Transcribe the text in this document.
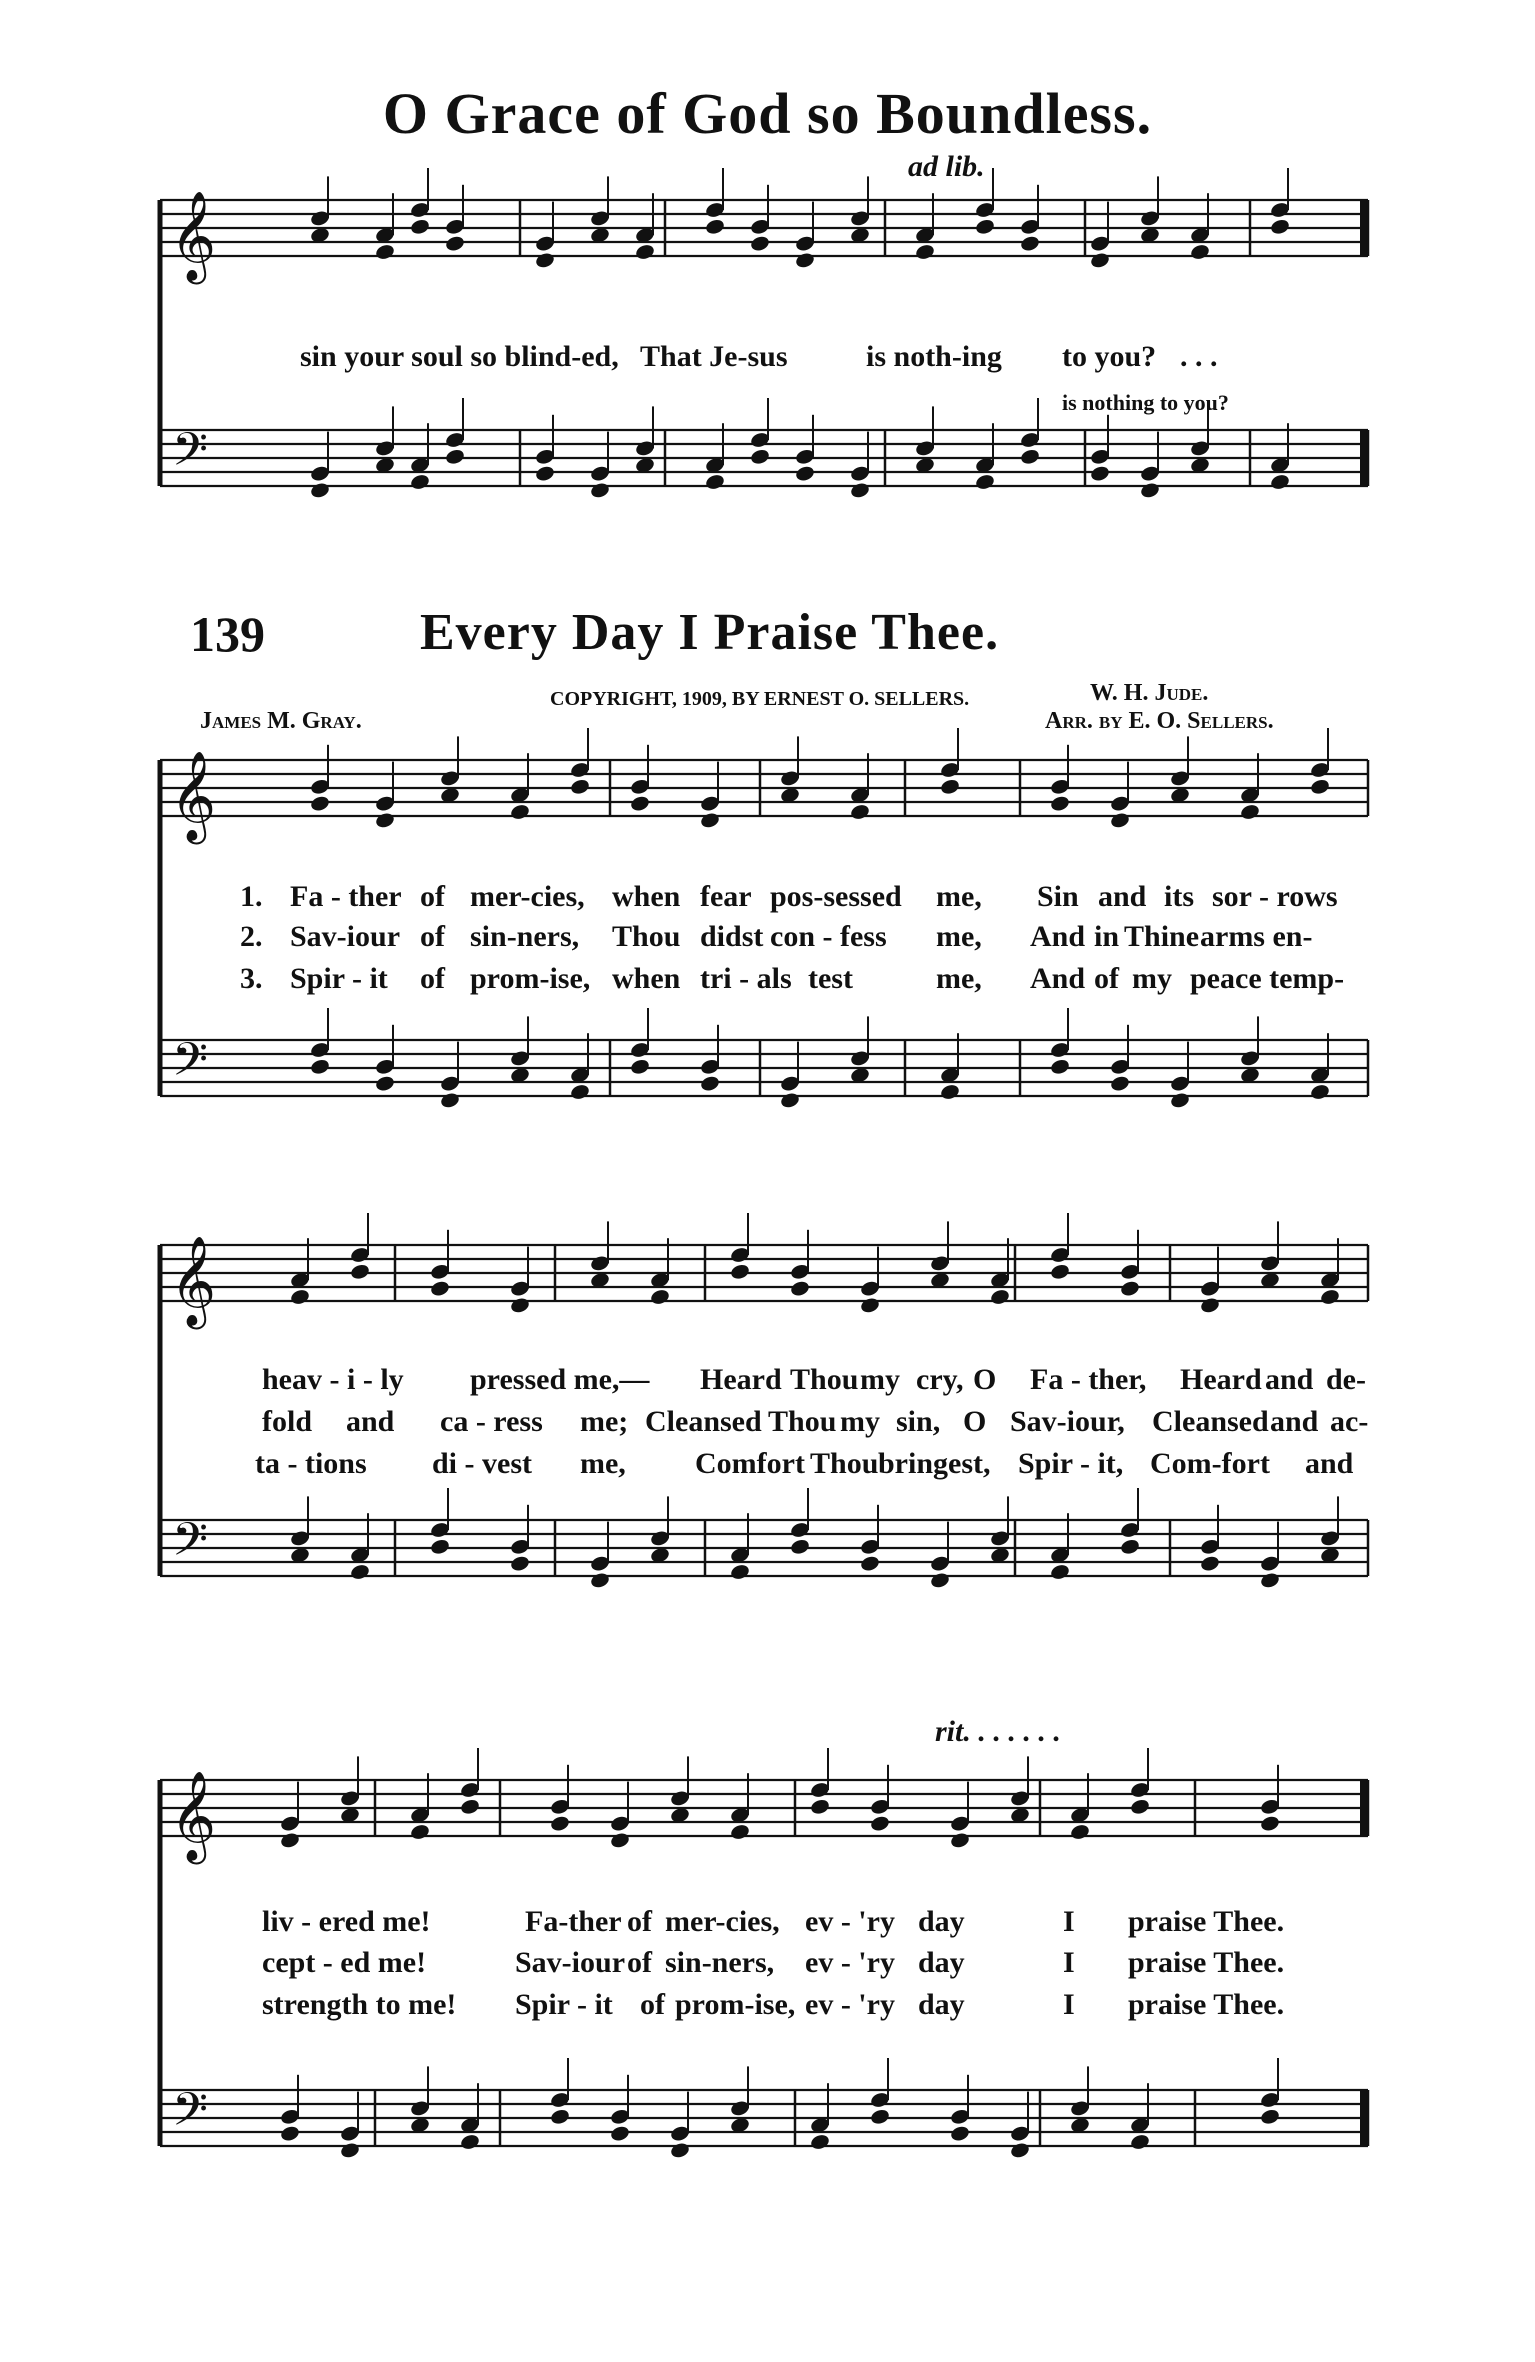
O Grace of God so Boundless.
ad lib.
139	Every Day I Praise Thee.
COPYRIGHT, 1909, BY ERNEST O. SELLERS.
James M. Gray.
W. H. Jude.
Arr. by E. O. Sellers.
rit. . . . . . .
sin your soul so blind-ed, That Je-sus	is noth-ing to you? . . .
is nothing to you?
1. Fa - ther of mer-cies, when fear pos-sessed me, Sin and its sor - rows
2. Sav-iour of sin-ners, Thou didst con - fess me, And in Thine arms en-
3. Spir - it of prom-ise, when tri - als test	me, And of my peace temp-
heav - i - ly pressed me,— Heard Thou my cry, O Fa - ther, Heard and de-
fold and ca - ress me; Cleansed Thou my sin, O Sav-iour, Cleansed and ac-
ta - tions di - vest me, Comfort Thou bringest, Spir - it, Com-fort and
liv - ered me!	Fa-ther of mer-cies, ev - 'ry day	I praise Thee.
cept - ed me!	Sav-iour of sin-ners, ev - 'ry day	I praise Thee.
strength to me! Spir - it of prom-ise, ev - 'ry day	I praise Thee.
𝄞
𝄢
𝄞
𝄢
𝄞
𝄢
𝄞
𝄢
